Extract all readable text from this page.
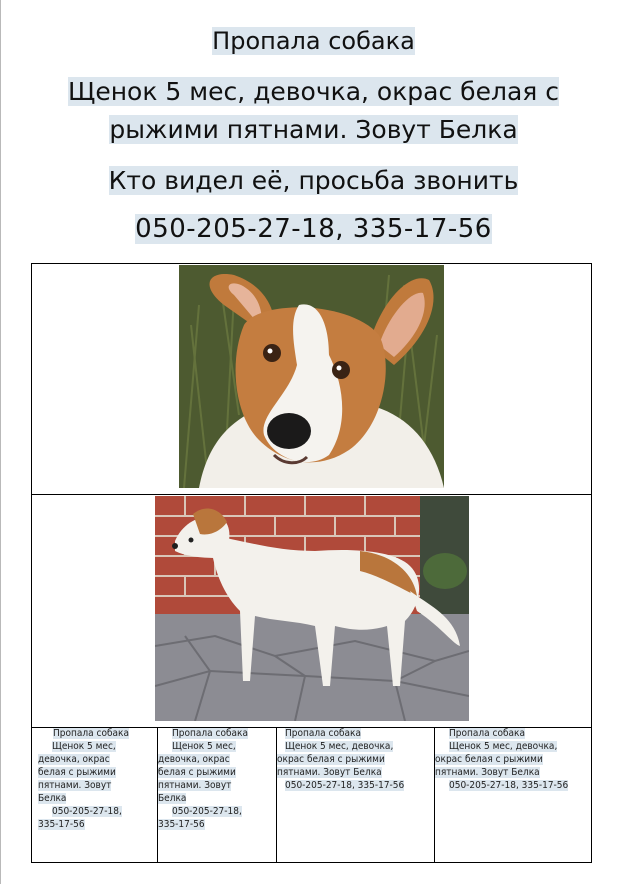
Пропала собака
Щенок 5 мес, девочка, окрас белая с
рыжими пятнами. Зовут Белка
Кто видел её, просьба звонить
050-205-27-18, 335-17-56
Пропала собака
Щенок 5 мес,
девочка, окрас
белая с рыжими
пятнами. Зовут
Белка
050-205-27-18,
335-17-56
Пропала собака
Щенок 5 мес,
девочка, окрас
белая с рыжими
пятнами. Зовут
Белка
050-205-27-18,
335-17-56
Пропала собака
Щенок 5 мес, девочка,
окрас белая с рыжими
пятнами. Зовут Белка
050-205-27-18, 335-17-56
Пропала собака
Щенок 5 мес, девочка,
окрас белая с рыжими
пятнами. Зовут Белка
050-205-27-18, 335-17-56
